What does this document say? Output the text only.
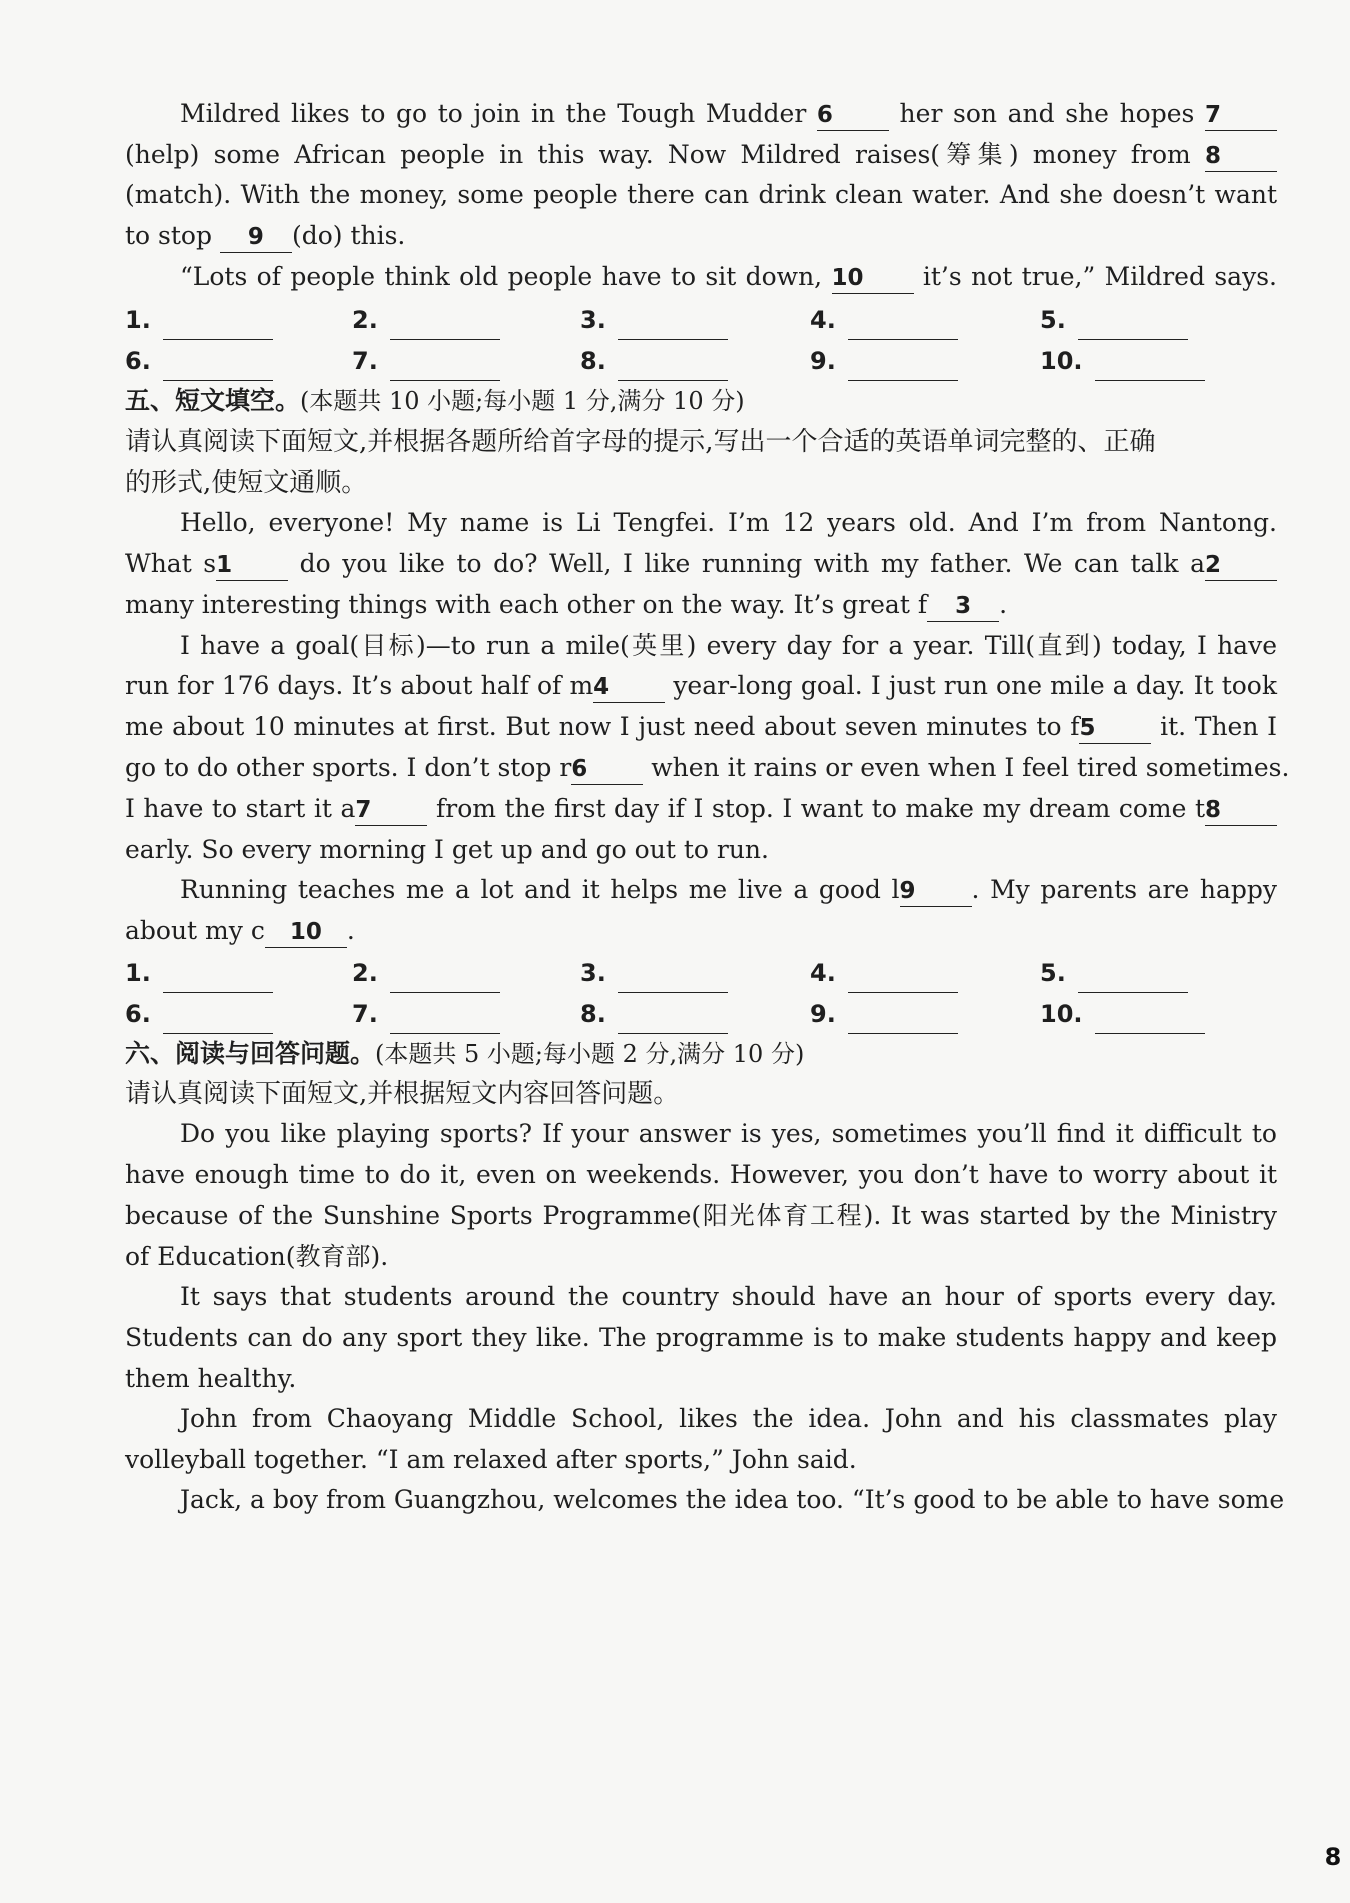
Mildred likes to go to join in the Tough Mudder 6	her son and she hopes 7
(help) some African people in this way. Now Mildred raises(筹集) money from 8
(match). With the money, some people there can drink clean water. And she doesn’t want
to stop 9 (do) this.
“Lots of people think old people have to sit down, 10 it’s not true,” Mildred says.
1.	2.	3.	4.	5.
6.	7.	8.	9.	10.
五、短文填空。(本题共 10 小题;每小题 1 分,满分 10 分)
请认真阅读下面短文,并根据各题所给首字母的提示,写出一个合适的英语单词完整的、正确
的形式,使短文通顺。
Hello, everyone! My name is Li Tengfei. I’m 12 years old. And I’m from Nantong.
What s1	do you like to do? Well, I like running with my father. We can talk a2
many interesting things with each other on the way. It’s great f 3 .
I have a goal(目标)—to run a mile(英里) every day for a year. Till(直到) today, I have
run for 176 days. It’s about half of m4	year-long goal. I just run one mile a day. It took
me about 10 minutes at first. But now I just need about seven minutes to f5	it. Then I
go to do other sports. I don’t stop r6	when it rains or even when I feel tired sometimes.
I have to start it a7	from the first day if I stop. I want to make my dream come t8
early. So every morning I get up and go out to run.
Running teaches me a lot and it helps me live a good l9 . My parents are happy
about my c 10 .
1.	2.	3.	4.	5.
6.	7.	8.	9.	10.
六、阅读与回答问题。(本题共 5 小题;每小题 2 分,满分 10 分)
请认真阅读下面短文,并根据短文内容回答问题。
Do you like playing sports? If your answer is yes, sometimes you’ll find it difficult to
have enough time to do it, even on weekends. However, you don’t have to worry about it
because of the Sunshine Sports Programme(阳光体育工程). It was started by the Ministry
of Education(教育部).
It says that students around the country should have an hour of sports every day.
Students can do any sport they like. The programme is to make students happy and keep
them healthy.
John from Chaoyang Middle School, likes the idea. John and his classmates play
volleyball together. “I am relaxed after sports,” John said.
Jack, a boy from Guangzhou, welcomes the idea too. “It’s good to be able to have some
8
